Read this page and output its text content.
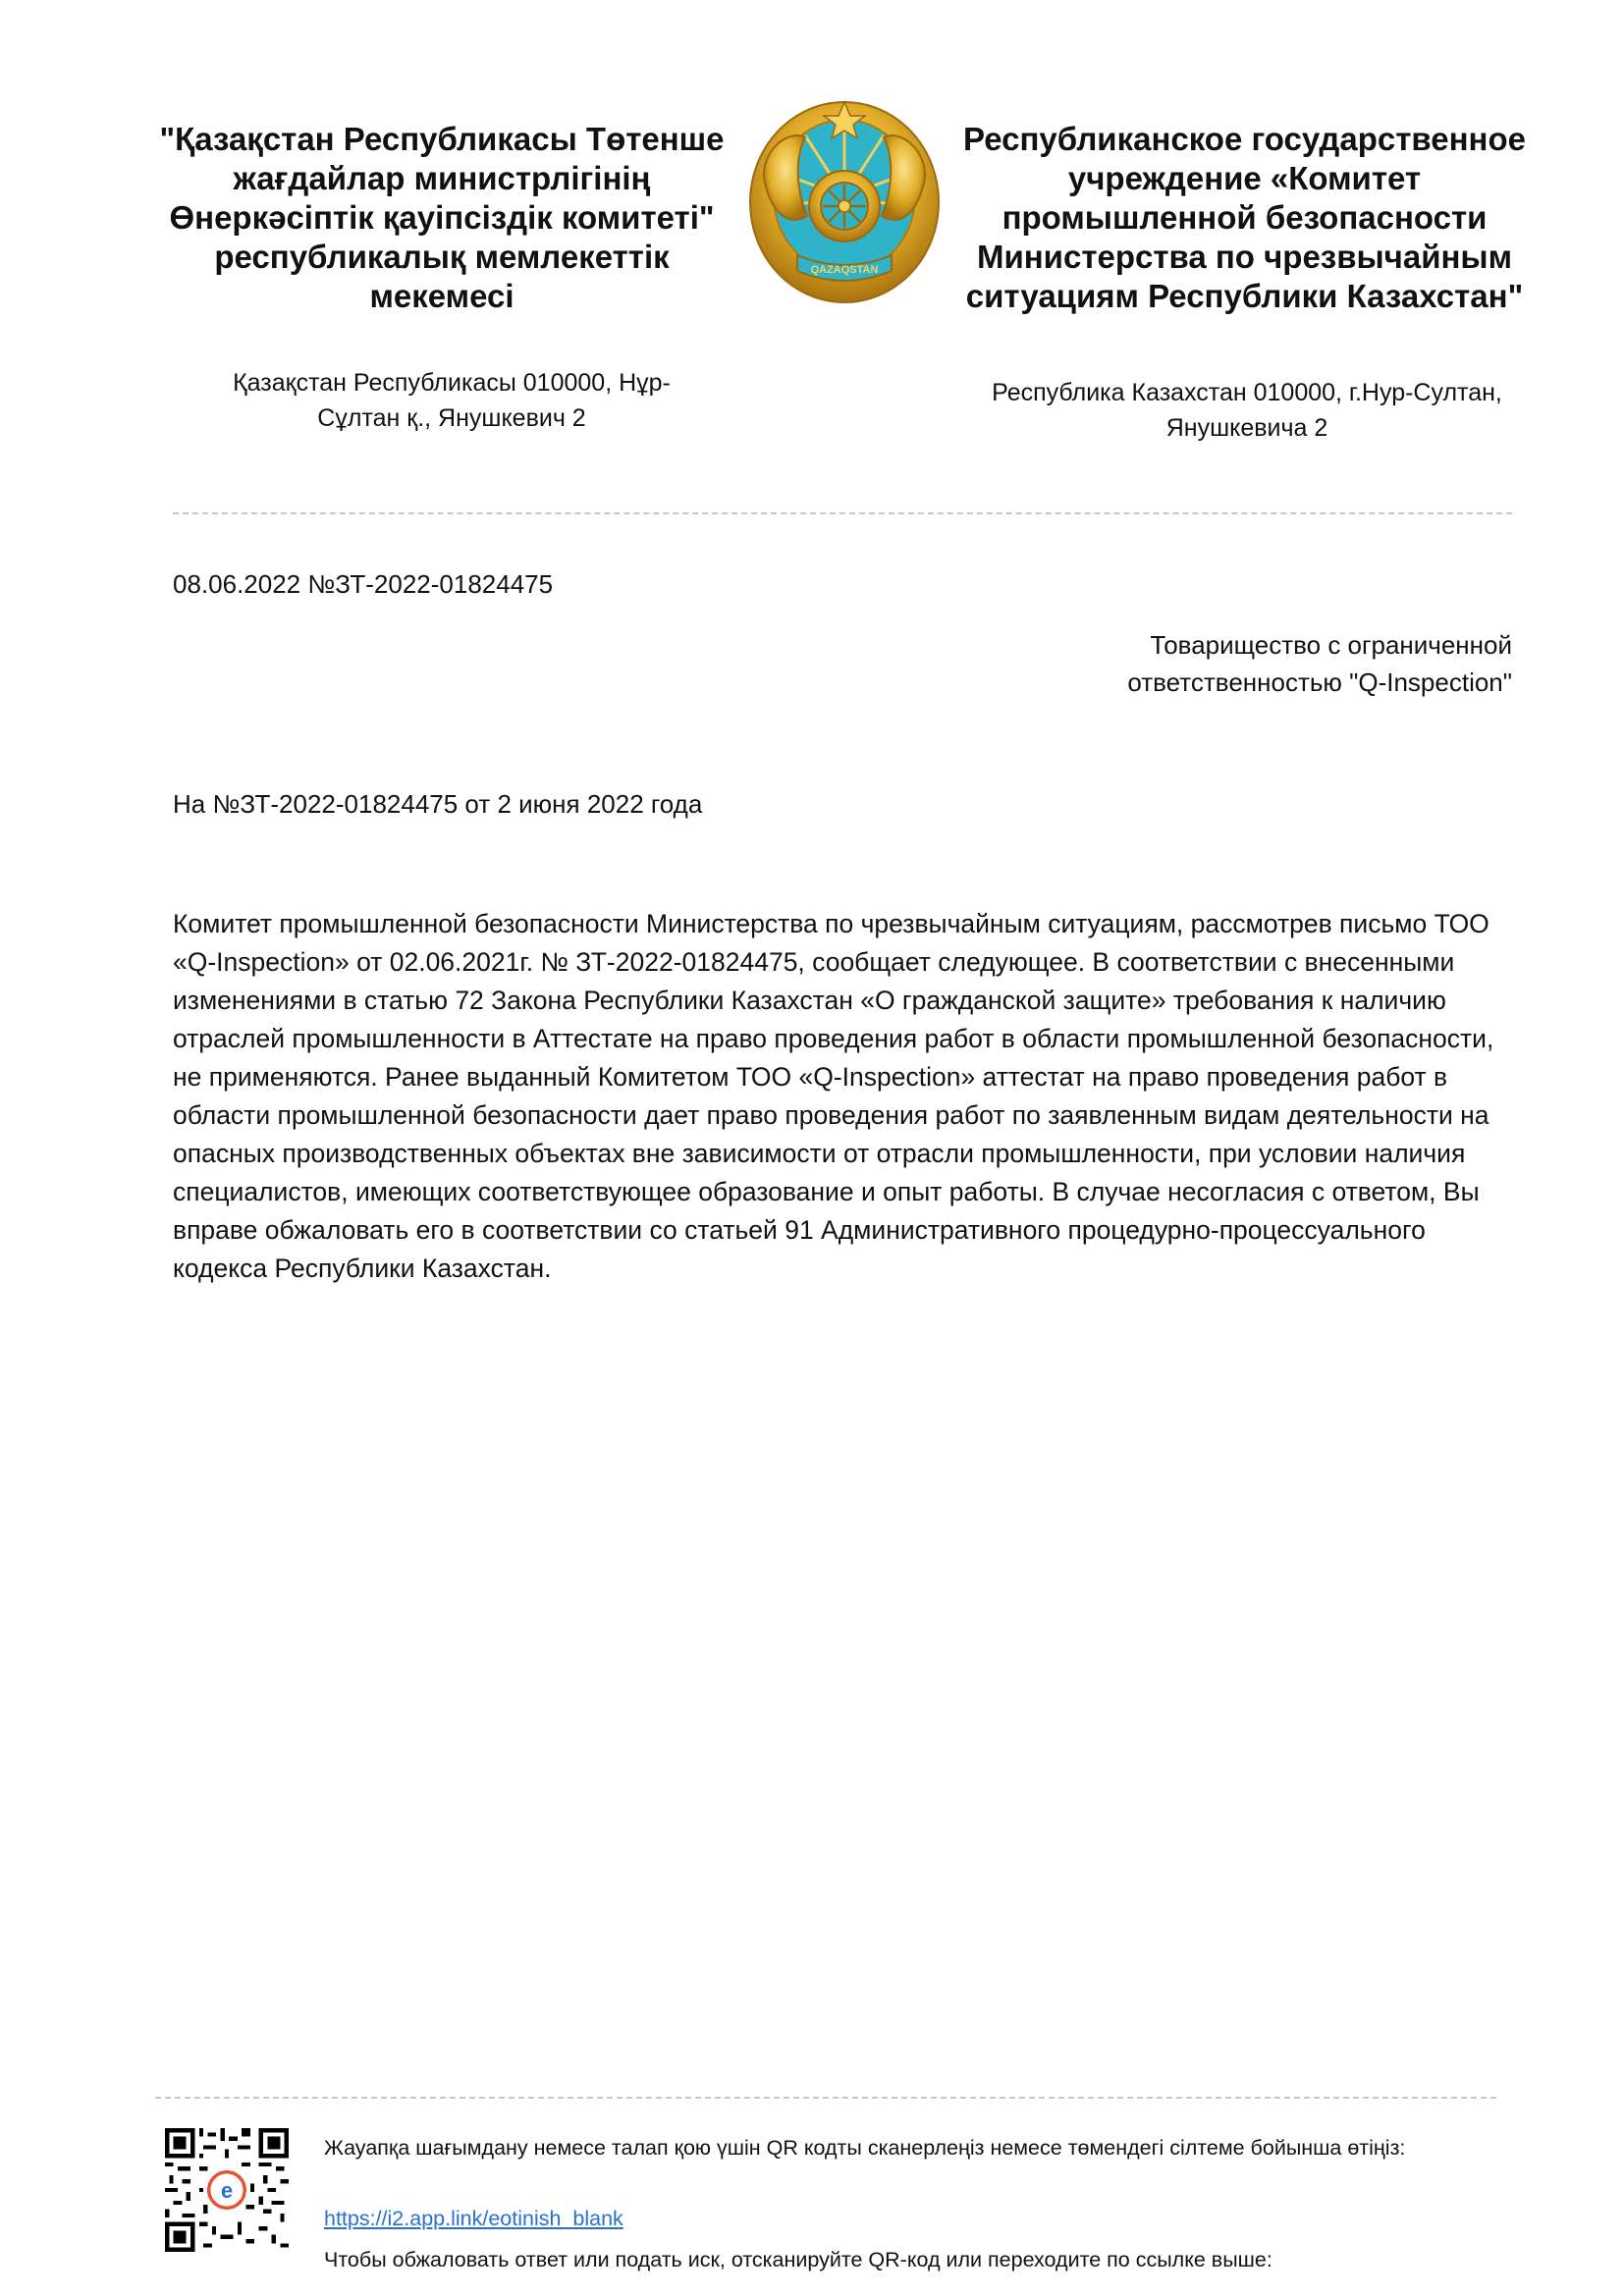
"Қазақстан Республикасы Төтенше жағдайлар министрлігінің Өнеркәсіптік қауіпсіздік комитеті" республикалық мемлекеттік мекемесі
Қазақстан Республикасы 010000, Нұр-Сұлтан қ., Янушкевич 2
QAZAQSTAN
Республиканское государственное учреждение «Комитет промышленной безопасности Министерства по чрезвычайным ситуациям Республики Казахстан"
Республика Казахстан 010000, г.Нур-Султан, Янушкевича 2
08.06.2022 №ЗТ-2022-01824475
Товарищество с ограниченной ответственностью "Q-Inspection"
На №ЗТ-2022-01824475 от 2 июня 2022 года

Комитет промышленной безопасности Министерства по чрезвычайным ситуациям, рассмотрев письмо ТОО «Q-Inspection» от 02.06.2021г. № ЗТ-2022-01824475, сообщает следующее. В соответствии с внесенными изменениями в статью 72 Закона Республики Казахстан «О гражданской защите» требования к наличию отраслей промышленности в Аттестате на право проведения работ в области промышленной безопасности, не применяются. Ранее выданный Комитетом ТОО «Q-Inspection» аттестат на право проведения работ в области промышленной безопасности дает право проведения работ по заявленным видам деятельности на опасных производственных объектах вне зависимости от отрасли промышленности, при условии наличия специалистов, имеющих соответствующее образование и опыт работы. В случае несогласия с ответом, Вы вправе обжаловать его в соответствии со статьей 91 Административного процедурно-процессуального кодекса Республики Казахстан.

e
Жауапқа шағымдану немесе талап қою үшін QR кодты сканерлеңіз немесе төмендегі сілтеме бойынша өтіңіз:
https://i2.app.link/eotinish_blank
Чтобы обжаловать ответ или подать иск, отсканируйте QR-код или переходите по ссылке выше:
